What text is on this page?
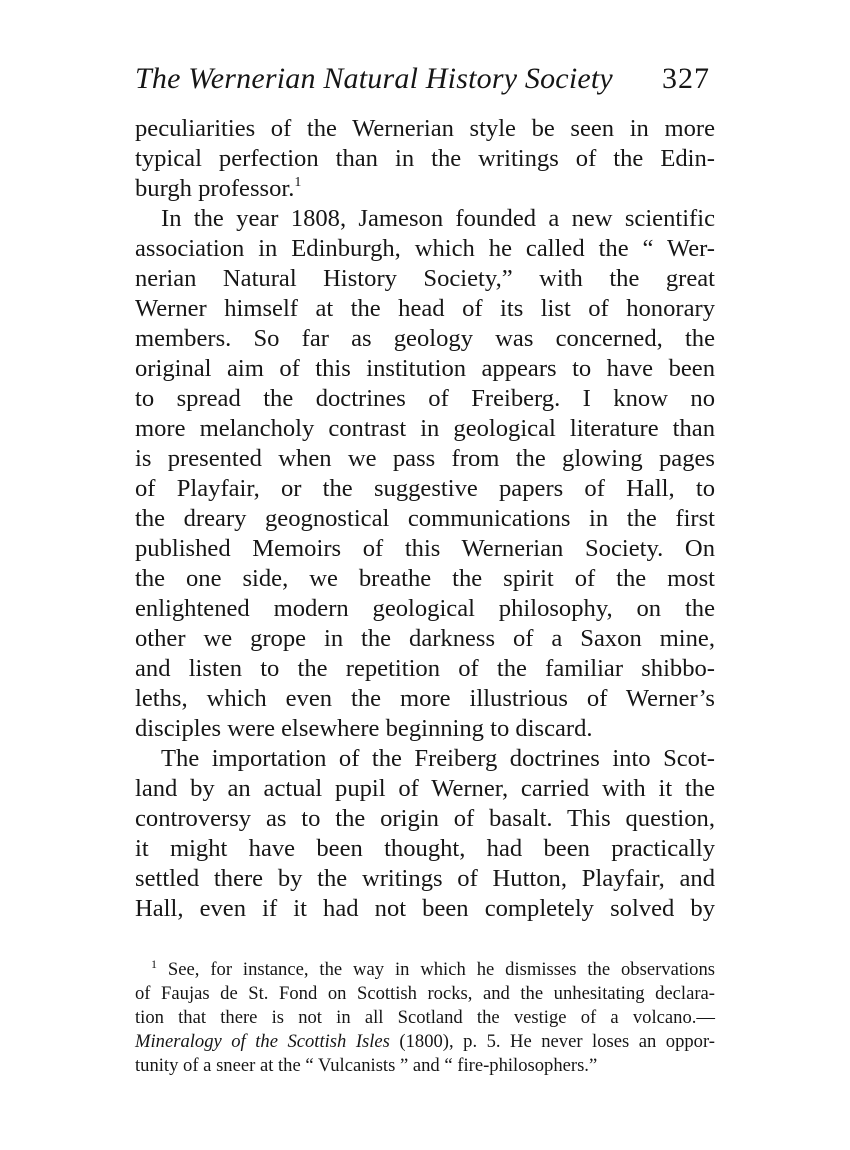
The Wernerian Natural History Society 327
peculiarities of the Wernerian style be seen in more
typical perfection than in the writings of the Edin-
burgh professor.$^1$
In the year 1808, Jameson founded a new scientific
association in Edinburgh, which he called the “ Wer-
nerian Natural History Society,” with the great
Werner himself at the head of its list of honorary
members. So far as geology was concerned, the
original aim of this institution appears to have been
to spread the doctrines of Freiberg. I know no
more melancholy contrast in geological literature than
is presented when we pass from the glowing pages
of Playfair, or the suggestive papers of Hall, to
the dreary geognostical communications in the first
published Memoirs of this Wernerian Society. On
the one side, we breathe the spirit of the most
enlightened modern geological philosophy, on the
other we grope in the darkness of a Saxon mine,
and listen to the repetition of the familiar shibbo-
leths, which even the more illustrious of Werner’s
disciples were elsewhere beginning to discard.
The importation of the Freiberg doctrines into Scot-
land by an actual pupil of Werner, carried with it the
controversy as to the origin of basalt. This question,
it might have been thought, had been practically
settled there by the writings of Hutton, Playfair, and
Hall, even if it had not been completely solved by
$^1$ See, for instance, the way in which he dismisses the observations
of Faujas de St. Fond on Scottish rocks, and the unhesitating declara-
tion that there is not in all Scotland the vestige of a volcano.—
Mineralogy of the Scottish Isles (1800), p. 5. He never loses an oppor-
tunity of a sneer at the “ Vulcanists ” and “ fire-philosophers.”
